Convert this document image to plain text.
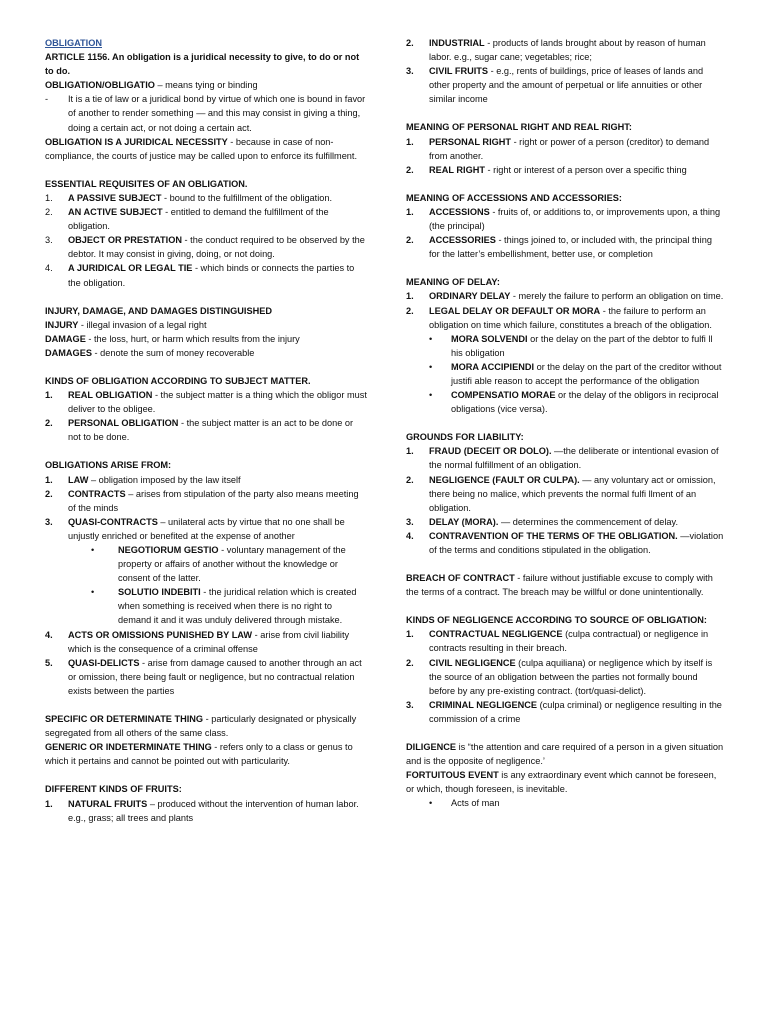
OBLIGATION

ARTICLE 1156. An obligation is a juridical necessity to give, to do or not to do.

OBLIGATION/OBLIGATIO – means tying or binding

- It is a tie of law or a juridical bond by virtue of which one is bound in favor of another to render something — and this may consist in giving a thing, doing a certain act, or not doing a certain act.

OBLIGATION IS A JURIDICAL NECESSITY - because in case of non-compliance, the courts of justice may be called upon to enforce its fulfillment.

ESSENTIAL REQUISITES OF AN OBLIGATION.

1. A PASSIVE SUBJECT - bound to the fulfillment of the obligation.
2. AN ACTIVE SUBJECT - entitled to demand the fulfillment of the obligation.
3. OBJECT OR PRESTATION - the conduct required to be observed by the debtor. It may consist in giving, doing, or not doing.
4. A JURIDICAL OR LEGAL TIE - which binds or connects the parties to the obligation.

INJURY, DAMAGE, AND DAMAGES DISTINGUISHED

INJURY - illegal invasion of a legal right

DAMAGE - the loss, hurt, or harm which results from the injury

DAMAGES - denote the sum of money recoverable

KINDS OF OBLIGATION ACCORDING TO SUBJECT MATTER.

1. REAL OBLIGATION - the subject matter is a thing which the obligor must deliver to the obligee.
2. PERSONAL OBLIGATION - the subject matter is an act to be done or not to be done.

OBLIGATIONS ARISE FROM:

1. LAW – obligation imposed by the law itself
2. CONTRACTS – arises from stipulation of the party also means meeting of the minds
3. QUASI-CONTRACTS – unilateral acts by virtue that no one shall be unjustly enriched or benefited at the expense of another
•	NEGOTIORUM GESTIO - voluntary management of the property or affairs of another without the knowledge or consent of the latter.
•	SOLUTIO INDEBITI - the juridical relation which is created when something is received when there is no right to demand it and it was unduly delivered through mistake.
4. ACTS OR OMISSIONS PUNISHED BY LAW - arise from civil liability which is the consequence of a criminal offense
5. QUASI-DELICTS - arise from damage caused to another through an act or omission, there being fault or negligence, but no contractual relation exists between the parties

SPECIFIC OR DETERMINATE THING - particularly designated or physically segregated from all others of the same class.

GENERIC OR INDETERMINATE THING - refers only to a class or genus to which it pertains and cannot be pointed out with particularity.

DIFFERENT KINDS OF FRUITS:

1. NATURAL FRUITS – produced without the intervention of human labor. e.g., grass; all trees and plants
2. INDUSTRIAL - products of lands brought about by reason of human labor. e.g., sugar cane; vegetables; rice;
3. CIVIL FRUITS - e.g., rents of buildings, price of leases of lands and other property and the amount of perpetual or life annuities or other similar income

MEANING OF PERSONAL RIGHT AND REAL RIGHT:

1. PERSONAL RIGHT - right or power of a person (creditor) to demand from another.
2. REAL RIGHT - right or interest of a person over a specific thing

MEANING OF ACCESSIONS AND ACCESSORIES:

1. ACCESSIONS - fruits of, or additions to, or improvements upon, a thing (the principal)
2. ACCESSORIES - things joined to, or included with, the principal thing for the latter’s embellishment, better use, or completion

MEANING OF DELAY:

1. ORDINARY DELAY - merely the failure to perform an obligation on time.
2. LEGAL DELAY OR DEFAULT OR MORA - the failure to perform an obligation on time which failure, constitutes a breach of the obligation.
• MORA SOLVENDI or the delay on the part of the debtor to fulfi ll his obligation
• MORA ACCIPIENDI or the delay on the part of the creditor without justifi able reason to accept the performance of the obligation
• COMPENSATIO MORAE or the delay of the obligors in reciprocal obligations (vice versa).

GROUNDS FOR LIABILITY:

1. FRAUD (DECEIT OR DOLO). —the deliberate or intentional evasion of the normal fulfillment of an obligation.
2. NEGLIGENCE (FAULT OR CULPA). — any voluntary act or omission, there being no malice, which prevents the normal fulfi llment of an obligation.
3. DELAY (MORA). — determines the commencement of delay.
4. CONTRAVENTION OF THE TERMS OF THE OBLIGATION. —violation of the terms and conditions stipulated in the obligation.

BREACH OF CONTRACT - failure without justifiable excuse to comply with the terms of a contract. The breach may be willful or done unintentionally.

KINDS OF NEGLIGENCE ACCORDING TO SOURCE OF OBLIGATION:

1. CONTRACTUAL NEGLIGENCE (culpa contractual) or negligence in contracts resulting in their breach.
2. CIVIL NEGLIGENCE (culpa aquiliana) or negligence which by itself is the source of an obligation between the parties not formally bound before by any pre-existing contract. (tort/quasi-delict).
3. CRIMINAL NEGLIGENCE (culpa criminal) or negligence resulting in the commission of a crime

DILIGENCE is “the attention and care required of a person in a given situation and is the opposite of negligence.’

FORTUITOUS EVENT is any extraordinary event which cannot be foreseen, or which, though foreseen, is inevitable.

• Acts of man
